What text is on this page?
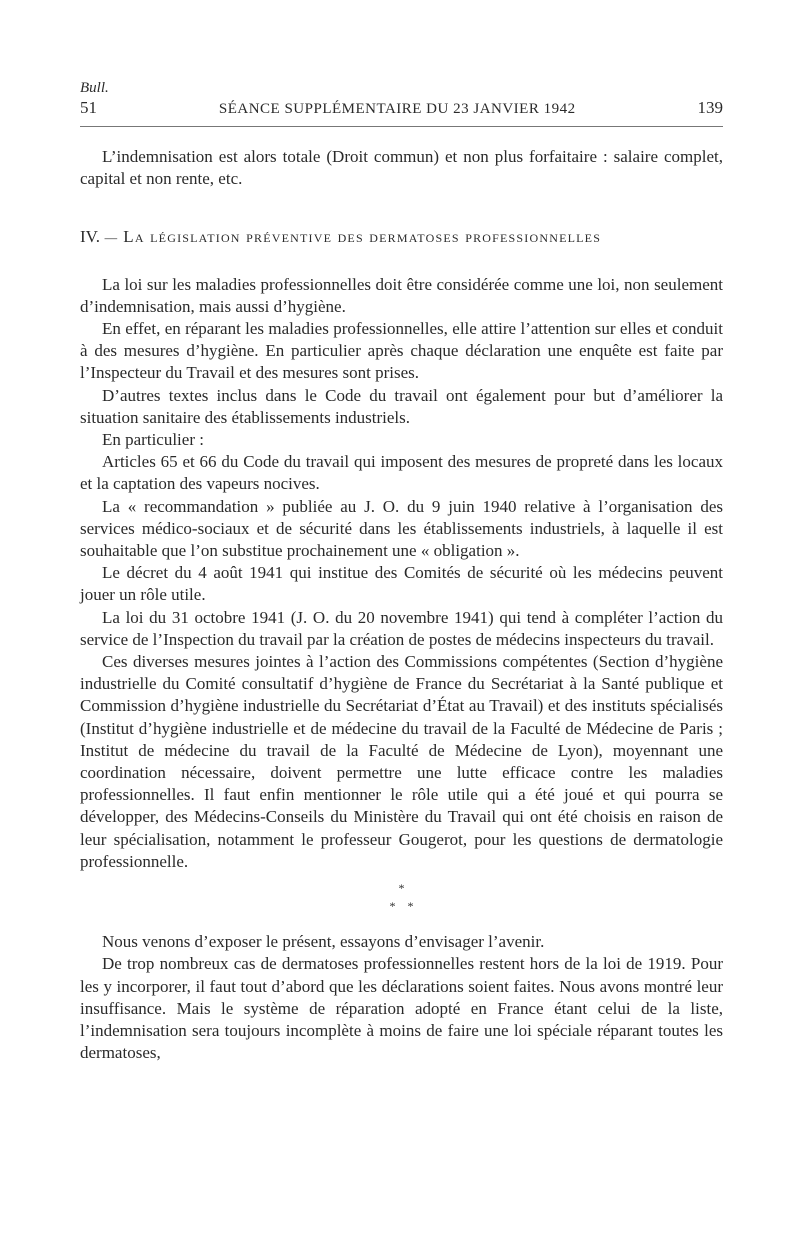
Bull.
51	SÉANCE SUPPLÉMENTAIRE DU 23 JANVIER 1942	139

L’indemnisation est alors totale (Droit commun) et non plus forfaitaire : salaire complet, capital et non rente, etc.

IV. — La législation préventive des dermatoses professionnelles

La loi sur les maladies professionnelles doit être considérée comme une loi, non seulement d’indemnisation, mais aussi d’hygiène.

En effet, en réparant les maladies professionnelles, elle attire l’attention sur elles et conduit à des mesures d’hygiène. En particulier après chaque déclaration une enquête est faite par l’Inspecteur du Travail et des mesures sont prises.

D’autres textes inclus dans le Code du travail ont également pour but d’améliorer la situation sanitaire des établissements industriels.

En particulier :

Articles 65 et 66 du Code du travail qui imposent des mesures de propreté dans les locaux et la captation des vapeurs nocives.

La « recommandation » publiée au J. O. du 9 juin 1940 relative à l’organisation des services médico-sociaux et de sécurité dans les établissements industriels, à laquelle il est souhaitable que l’on substitue prochainement une « obligation ».

Le décret du 4 août 1941 qui institue des Comités de sécurité où les médecins peuvent jouer un rôle utile.

La loi du 31 octobre 1941 (J. O. du 20 novembre 1941) qui tend à compléter l’action du service de l’Inspection du travail par la création de postes de médecins inspecteurs du travail.

Ces diverses mesures jointes à l’action des Commissions compétentes (Section d’hygiène industrielle du Comité consultatif d’hygiène de France du Secrétariat à la Santé publique et Commission d’hygiène industrielle du Secrétariat d’État au Travail) et des instituts spécialisés (Institut d’hygiène industrielle et de médecine du travail de la Faculté de Médecine de Paris ; Institut de médecine du travail de la Faculté de Médecine de Lyon), moyennant une coordination nécessaire, doivent permettre une lutte efficace contre les maladies professionnelles. Il faut enfin mentionner le rôle utile qui a été joué et qui pourra se développer, des Médecins-Conseils du Ministère du Travail qui ont été choisis en raison de leur spécialisation, notamment le professeur Gougerot, pour les questions de dermatologie professionnelle.

*
* *

Nous venons d’exposer le présent, essayons d’envisager l’avenir.

De trop nombreux cas de dermatoses professionnelles restent hors de la loi de 1919. Pour les y incorporer, il faut tout d’abord que les déclarations soient faites. Nous avons montré leur insuffisance. Mais le système de réparation adopté en France étant celui de la liste, l’indemnisation sera toujours incomplète à moins de faire une loi spéciale réparant toutes les dermatoses,
